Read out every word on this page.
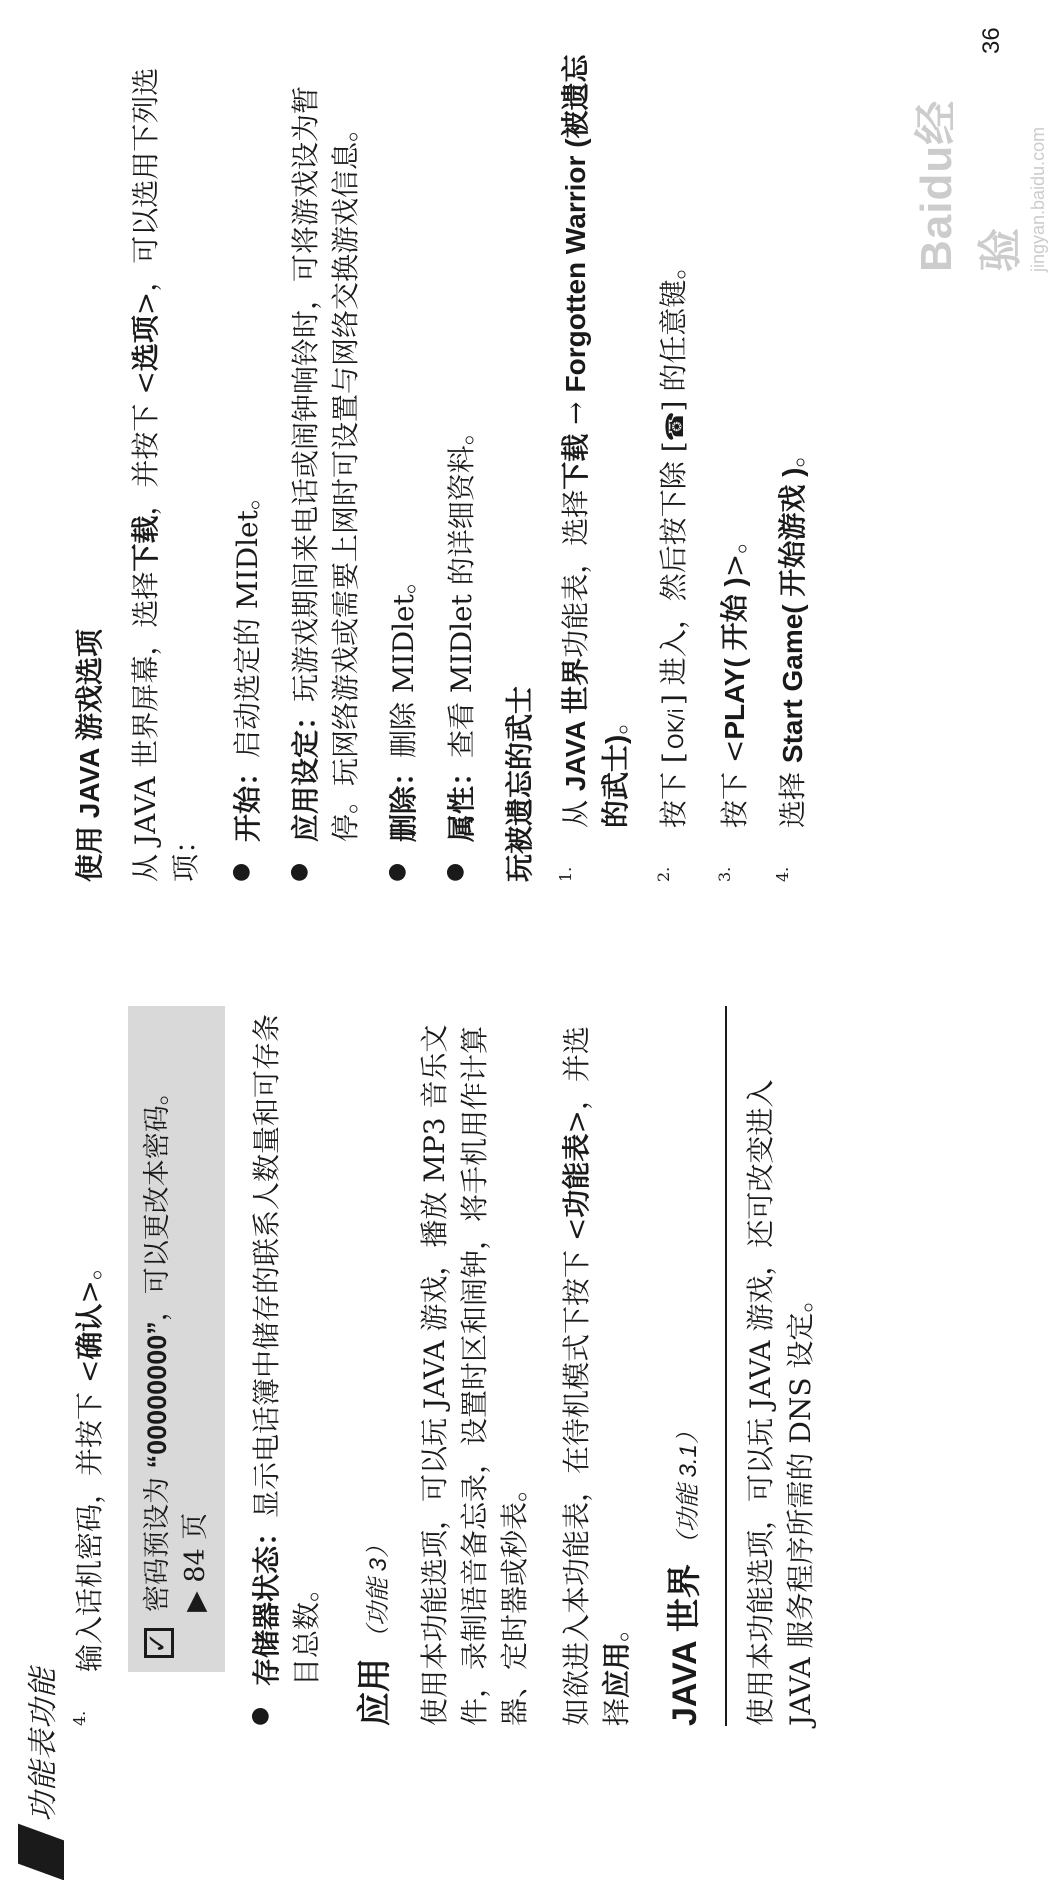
功能表功能 4.

输入话机密码，并按下 <确认>。

✓

密码预设为 “00000000”，可以更改本密码。

▶ 84 页

●

存储器状态：显示电话簿中储存的联系人数量和可存条目总数。

应用（功能 3） 使用本功能选项，可以玩 JAVA 游戏，播放 MP3 音乐文件，录制语音备忘录，设置时区和闹钟，将手机用作计算器、定时器或秒表。 如欲进入本功能表，在待机模式下按下 <功能表>，并选择应用。 JAVA 世界（功能 3.1）	使用本功能选项，可以玩 JAVA 游戏，还可改变进入 JAVA 服务程序所需的 DNS 设定。

使用 JAVA 游戏选项 从 JAVA 世界屏幕，选择下载，并按下 <选项>，可以选用下列选项： ●

开始：启动选定的 MIDlet。

●

应用设定：玩游戏期间来电话或闹钟响铃时，可将游戏设为暂停。玩网络游戏或需要上网时可设置与网络交换游戏信息。

●

删除：删除 MIDlet。

●

属性：查看 MIDlet 的详细资料。

玩被遗忘的武士	1.

从 JAVA 世界功能表，选择下载 → Forgotten Warrior (被遗忘的武士)。

2.

按下 [OK/i] 进入，然后按下除 [☎] 的任意键。

3.

按下 <PLAY( 开始 )>。

4.

选择 Start Game( 开始游戏 )。

Baidu经验 jingyan.baidu.com
36
